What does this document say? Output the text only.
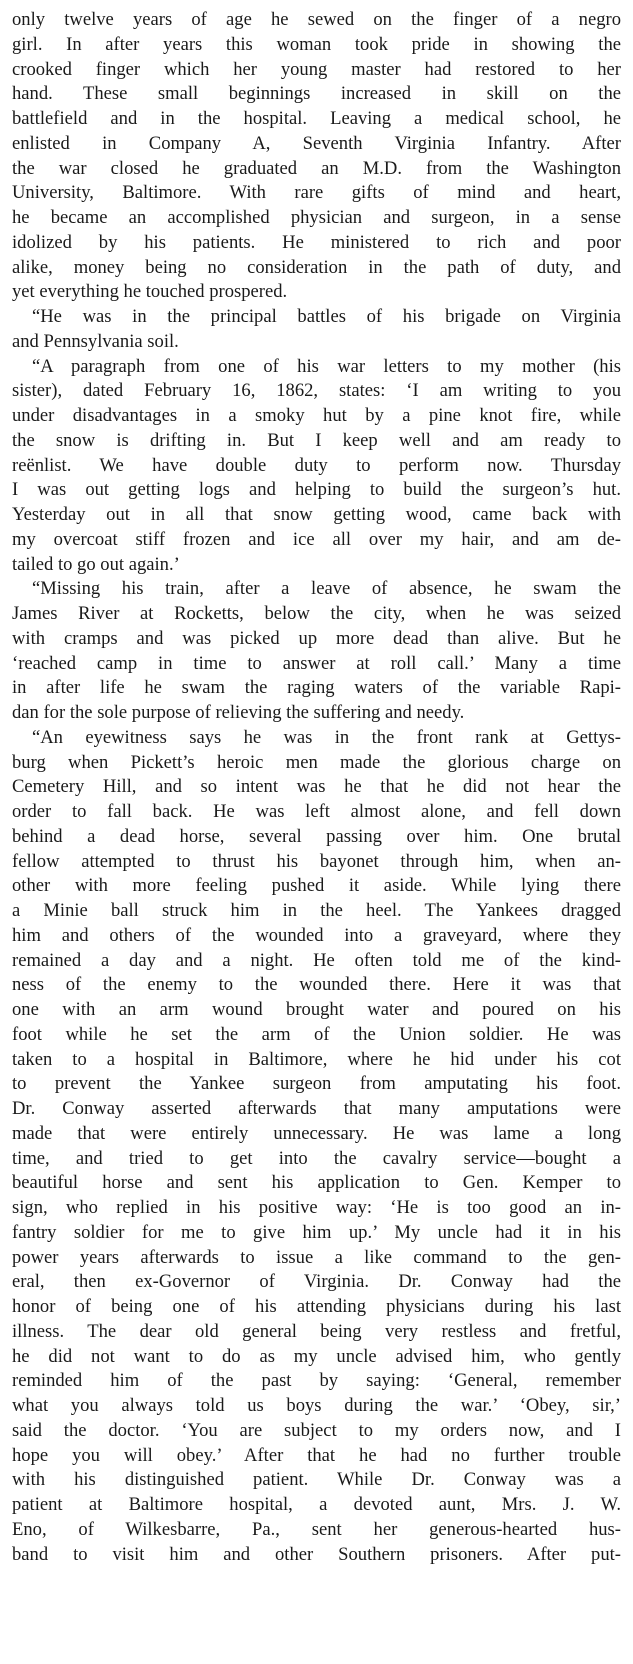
only twelve years of age he sewed on the finger of a negro
girl. In after years this woman took pride in showing the
crooked finger which her young master had restored to her
hand. These small beginnings increased in skill on the
battlefield and in the hospital. Leaving a medical school, he
enlisted in Company A, Seventh Virginia Infantry. After
the war closed he graduated an M.D. from the Washington
University, Baltimore. With rare gifts of mind and heart,
he became an accomplished physician and surgeon, in a sense
idolized by his patients. He ministered to rich and poor
alike, money being no consideration in the path of duty, and
yet everything he touched prospered.
“He was in the principal battles of his brigade on Virginia
and Pennsylvania soil.
“A paragraph from one of his war letters to my mother (his
sister), dated February 16, 1862, states: ‘I am writing to you
under disadvantages in a smoky hut by a pine knot fire, while
the snow is drifting in. But I keep well and am ready to
reënlist. We have double duty to perform now. Thursday
I was out getting logs and helping to build the surgeon’s hut.
Yesterday out in all that snow getting wood, came back with
my overcoat stiff frozen and ice all over my hair, and am de-
tailed to go out again.’
“Missing his train, after a leave of absence, he swam the
James River at Rocketts, below the city, when he was seized
with cramps and was picked up more dead than alive. But he
‘reached camp in time to answer at roll call.’ Many a time
in after life he swam the raging waters of the variable Rapi-
dan for the sole purpose of relieving the suffering and needy.
“An eyewitness says he was in the front rank at Gettys-
burg when Pickett’s heroic men made the glorious charge on
Cemetery Hill, and so intent was he that he did not hear the
order to fall back. He was left almost alone, and fell down
behind a dead horse, several passing over him. One brutal
fellow attempted to thrust his bayonet through him, when an-
other with more feeling pushed it aside. While lying there
a Minie ball struck him in the heel. The Yankees dragged
him and others of the wounded into a graveyard, where they
remained a day and a night. He often told me of the kind-
ness of the enemy to the wounded there. Here it was that
one with an arm wound brought water and poured on his
foot while he set the arm of the Union soldier. He was
taken to a hospital in Baltimore, where he hid under his cot
to prevent the Yankee surgeon from amputating his foot.
Dr. Conway asserted afterwards that many amputations were
made that were entirely unnecessary. He was lame a long
time, and tried to get into the cavalry service—bought a
beautiful horse and sent his application to Gen. Kemper to
sign, who replied in his positive way: ‘He is too good an in-
fantry soldier for me to give him up.’ My uncle had it in his
power years afterwards to issue a like command to the gen-
eral, then ex-Governor of Virginia. Dr. Conway had the
honor of being one of his attending physicians during his last
illness. The dear old general being very restless and fretful,
he did not want to do as my uncle advised him, who gently
reminded him of the past by saying: ‘General, remember
what you always told us boys during the war.’ ‘Obey, sir,’
said the doctor. ‘You are subject to my orders now, and I
hope you will obey.’ After that he had no further trouble
with his distinguished patient. While Dr. Conway was a
patient at Baltimore hospital, a devoted aunt, Mrs. J. W.
Eno, of Wilkesbarre, Pa., sent her generous-hearted hus-
band to visit him and other Southern prisoners. After put-
